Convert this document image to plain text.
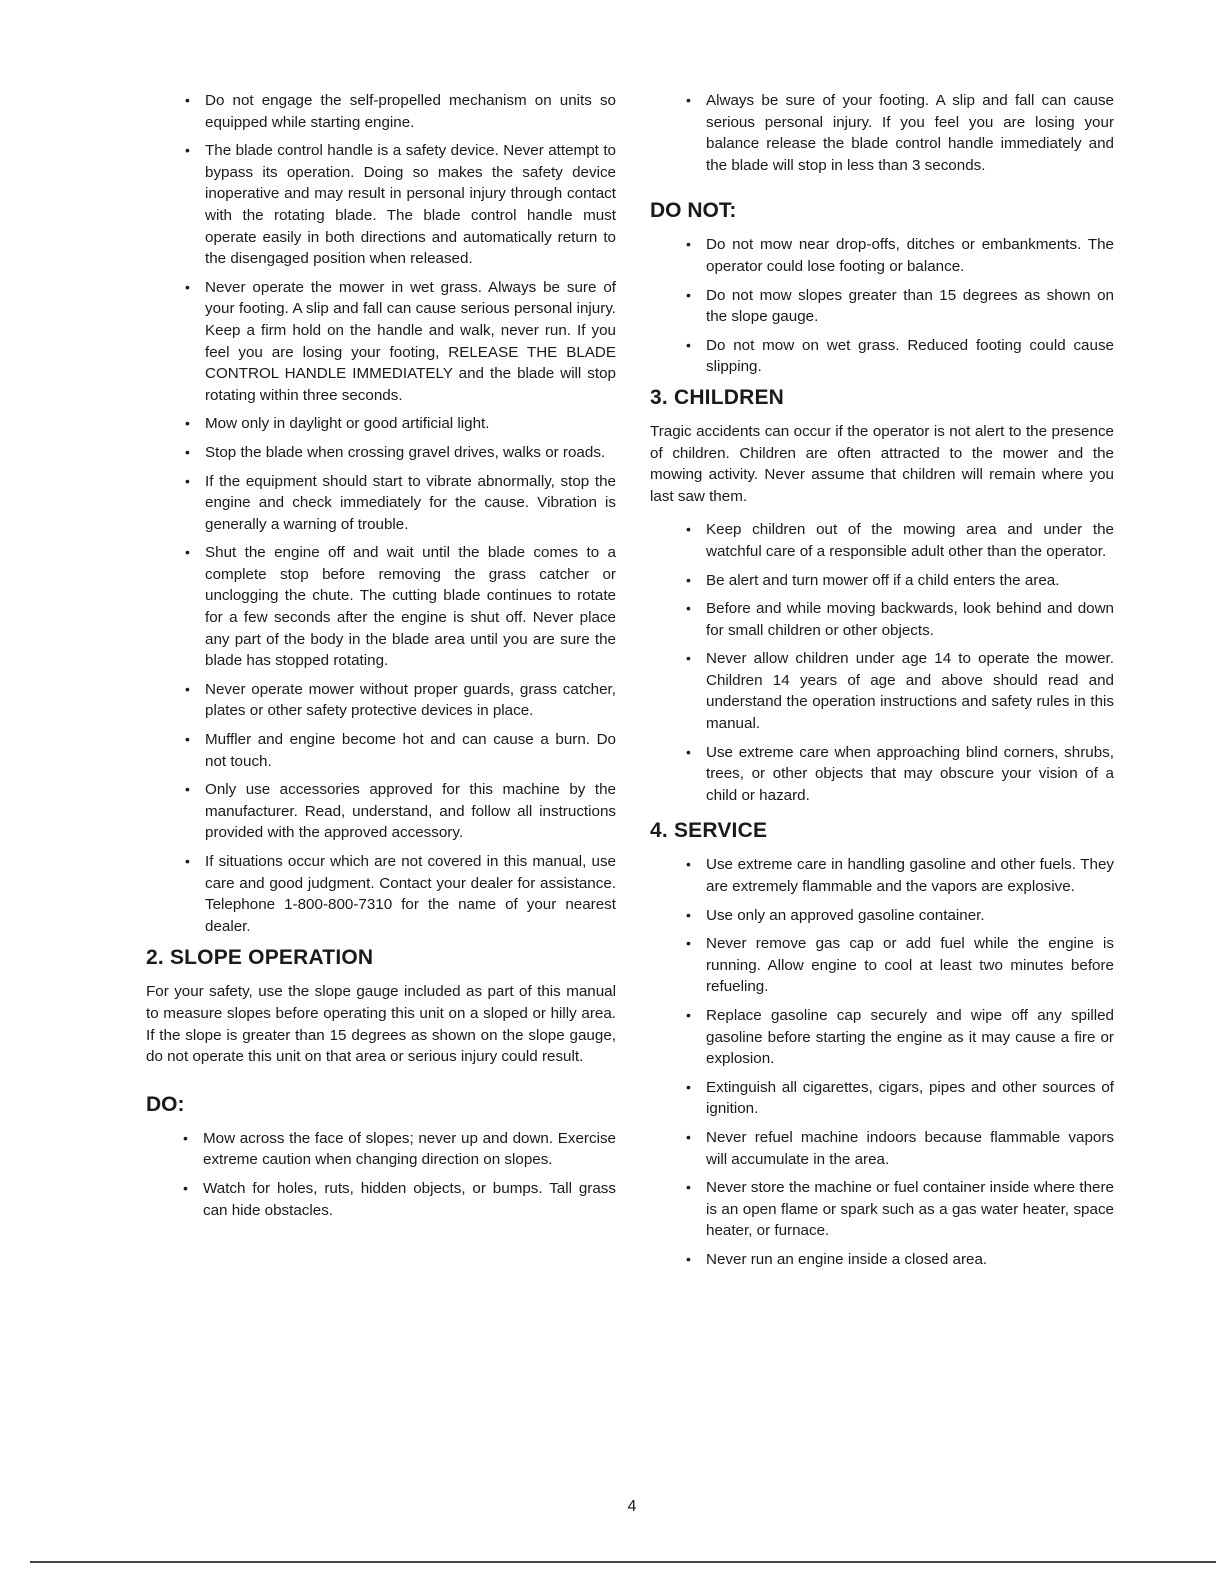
• Do not engage the self-propelled mechanism on units so equipped while starting engine.
• The blade control handle is a safety device. Never attempt to bypass its operation. Doing so makes the safety device inoperative and may result in personal injury through contact with the rotating blade. The blade control handle must operate easily in both directions and automatically return to the disengaged position when released.
• Never operate the mower in wet grass. Always be sure of your footing. A slip and fall can cause serious personal injury. Keep a firm hold on the handle and walk, never run. If you feel you are losing your footing, RELEASE THE BLADE CONTROL HANDLE IMMEDIATELY and the blade will stop rotating within three seconds.
• Mow only in daylight or good artificial light.
• Stop the blade when crossing gravel drives, walks or roads.
• If the equipment should start to vibrate abnormally, stop the engine and check immediately for the cause. Vibration is generally a warning of trouble.
• Shut the engine off and wait until the blade comes to a complete stop before removing the grass catcher or unclogging the chute. The cutting blade continues to rotate for a few seconds after the engine is shut off. Never place any part of the body in the blade area until you are sure the blade has stopped rotating.
• Never operate mower without proper guards, grass catcher, plates or other safety protective devices in place.
• Muffler and engine become hot and can cause a burn. Do not touch.
• Only use accessories approved for this machine by the manufacturer. Read, understand, and follow all instructions provided with the approved accessory.
• If situations occur which are not covered in this manual, use care and good judgment. Contact your dealer for assistance. Telephone 1-800-800-7310 for the name of your nearest dealer.
2. SLOPE OPERATION

For your safety, use the slope gauge included as part of this manual to measure slopes before operating this unit on a sloped or hilly area. If the slope is greater than 15 degrees as shown on the slope gauge, do not operate this unit on that area or serious injury could result.

DO:
• Mow across the face of slopes; never up and down. Exercise extreme caution when changing direction on slopes.
• Watch for holes, ruts, hidden objects, or bumps. Tall grass can hide obstacles.
• Always be sure of your footing. A slip and fall can cause serious personal injury. If you feel you are losing your balance release the blade control handle immediately and the blade will stop in less than 3 seconds.
DO NOT:
• Do not mow near drop-offs, ditches or embankments. The operator could lose footing or balance.
• Do not mow slopes greater than 15 degrees as shown on the slope gauge.
• Do not mow on wet grass. Reduced footing could cause slipping.
3. CHILDREN

Tragic accidents can occur if the operator is not alert to the presence of children. Children are often attracted to the mower and the mowing activity. Never assume that children will remain where you last saw them.

• Keep children out of the mowing area and under the watchful care of a responsible adult other than the operator.
• Be alert and turn mower off if a child enters the area.
• Before and while moving backwards, look behind and down for small children or other objects.
• Never allow children under age 14 to operate the mower. Children 14 years of age and above should read and understand the operation instructions and safety rules in this manual.
• Use extreme care when approaching blind corners, shrubs, trees, or other objects that may obscure your vision of a child or hazard.
4. SERVICE
• Use extreme care in handling gasoline and other fuels. They are extremely flammable and the vapors are explosive.
• Use only an approved gasoline container.
• Never remove gas cap or add fuel while the engine is running. Allow engine to cool at least two minutes before refueling.
• Replace gasoline cap securely and wipe off any spilled gasoline before starting the engine as it may cause a fire or explosion.
• Extinguish all cigarettes, cigars, pipes and other sources of ignition.
• Never refuel machine indoors because flammable vapors will accumulate in the area.
• Never store the machine or fuel container inside where there is an open flame or spark such as a gas water heater, space heater, or furnace.
• Never run an engine inside a closed area.
4
